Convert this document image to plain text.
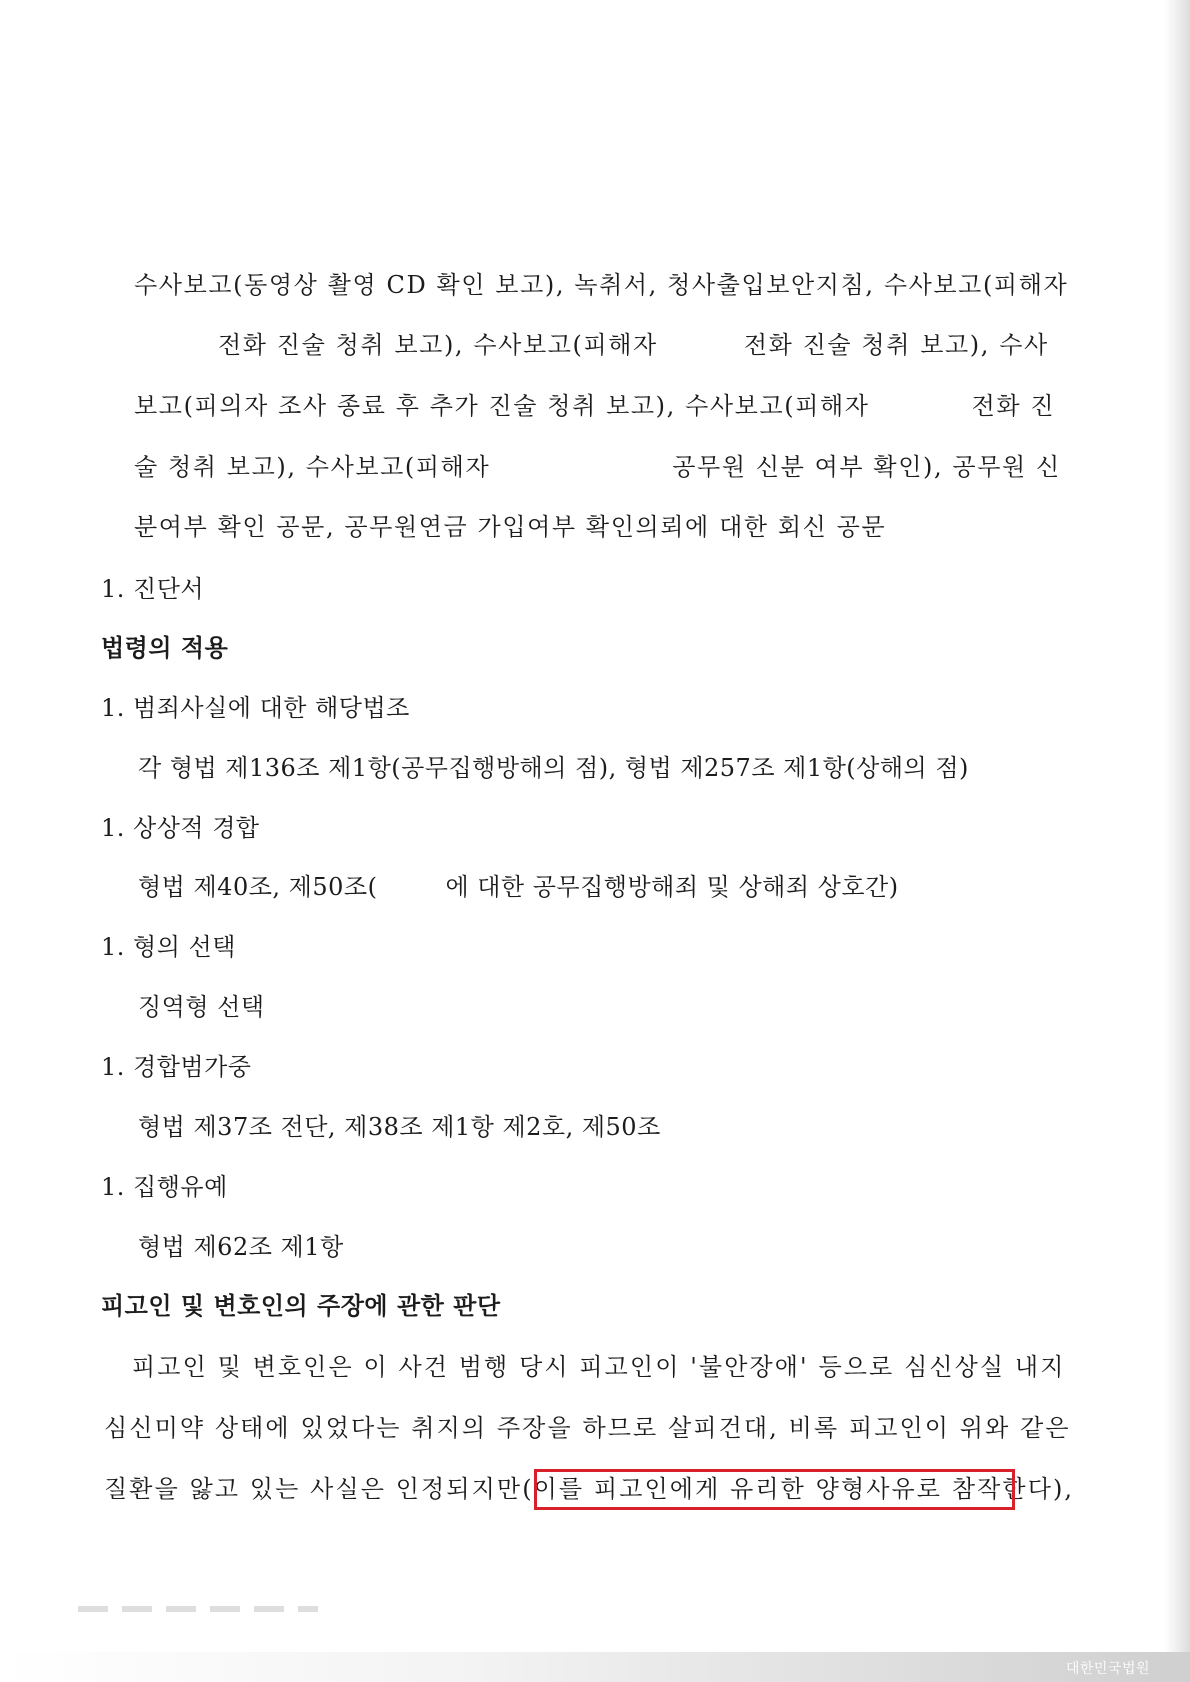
수사보고(동영상 촬영 CD 확인 보고), 녹취서, 청사출입보안지침, 수사보고(피해자
전화 진술 청취 보고), 수사보고(피해자	전화 진술 청취 보고), 수사
보고(피의자 조사 종료 후 추가 진술 청취 보고), 수사보고(피해자	전화 진
술 청취 보고), 수사보고(피해자	공무원 신분 여부 확인), 공무원 신
분여부 확인 공문, 공무원연금 가입여부 확인의뢰에 대한 회신 공문
1. 진단서
법령의 적용
1. 범죄사실에 대한 해당법조
각 형법 제136조 제1항(공무집행방해의 점), 형법 제257조 제1항(상해의 점)
1. 상상적 경합
형법 제40조, 제50조(	에 대한 공무집행방해죄 및 상해죄 상호간)
1. 형의 선택
징역형 선택
1. 경합범가중
형법 제37조 전단, 제38조 제1항 제2호, 제50조
1. 집행유예
형법 제62조 제1항
피고인 및 변호인의 주장에 관한 판단
피고인 및 변호인은 이 사건 범행 당시 피고인이 '불안장애' 등으로 심신상실 내지
심신미약 상태에 있었다는 취지의 주장을 하므로 살피건대, 비록 피고인이 위와 같은
질환을 앓고 있는 사실은 인정되지만(이를 피고인에게 유리한 양형사유로 참작한다),
대한민국법원
